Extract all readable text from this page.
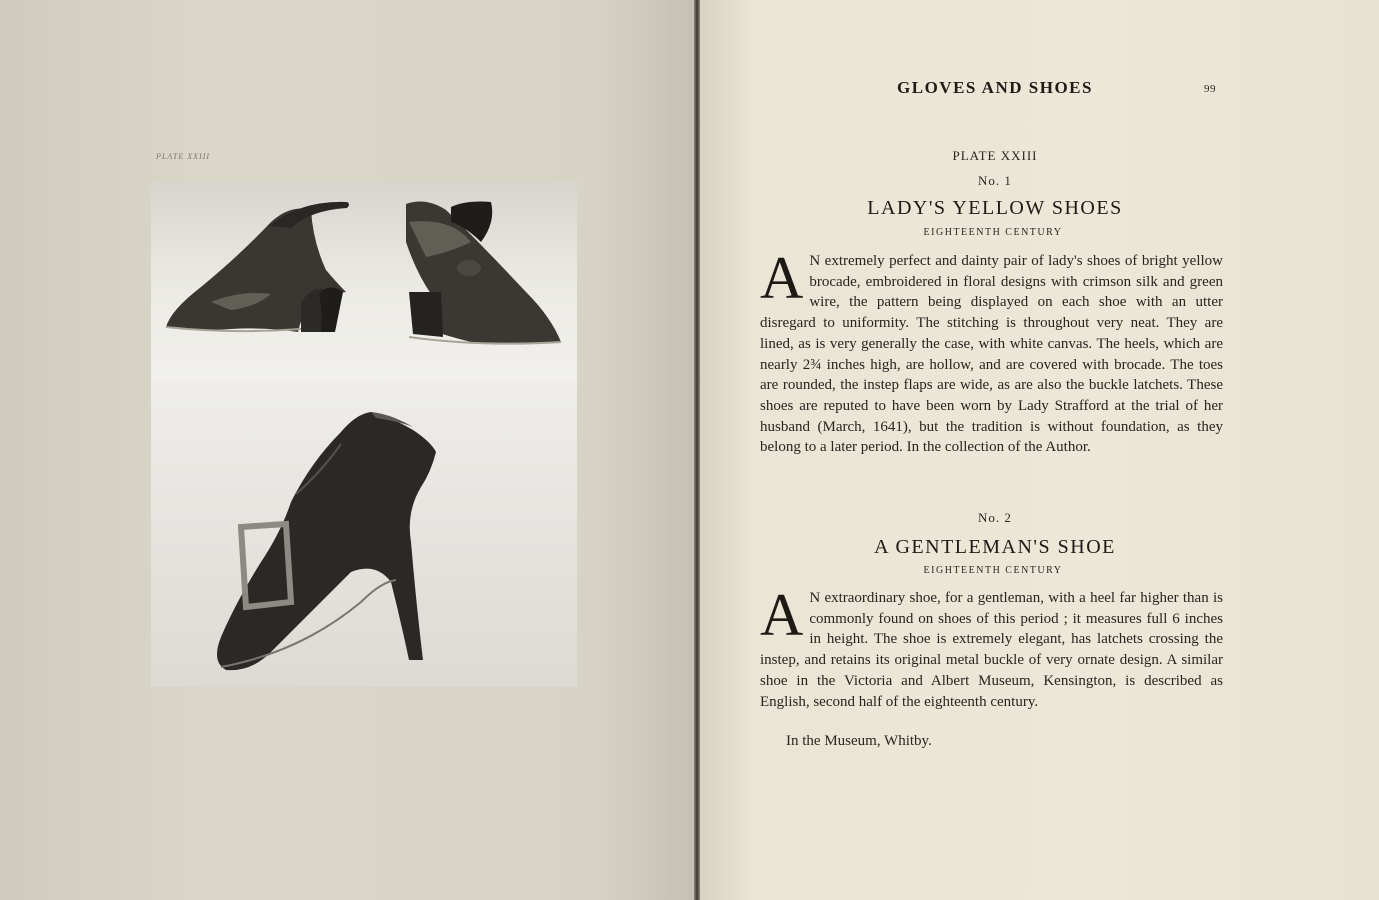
PLATE XXIII
GLOVES AND SHOES	99
PLATE XXIII
No. 1
LADY'S YELLOW SHOES
EIGHTEENTH CENTURY

A N extremely perfect and dainty pair of lady's shoes of bright yellow brocade, embroidered in floral designs with crimson silk and green wire, the pattern being displayed on each shoe with an utter disregard to uniformity. The stitching is throughout very neat. They are lined, as is very generally the case, with white canvas. The heels, which are nearly 2¾ inches high, are hollow, and are covered with brocade. The toes are rounded, the instep flaps are wide, as are also the buckle latchets. These shoes are reputed to have been worn by Lady Strafford at the trial of her husband (March, 1641), but the tradition is without foundation, as they belong to a later period. In the collection of the Author.

No. 2
A GENTLEMAN'S SHOE
EIGHTEENTH CENTURY

A N extraordinary shoe, for a gentleman, with a heel far higher than is commonly found on shoes of this period ; it measures full 6 inches in height. The shoe is extremely elegant, has latchets crossing the instep, and retains its original metal buckle of very ornate design. A similar shoe in the Victoria and Albert Museum, Kensington, is described as English, second half of the eighteenth century.

In the Museum, Whitby.
